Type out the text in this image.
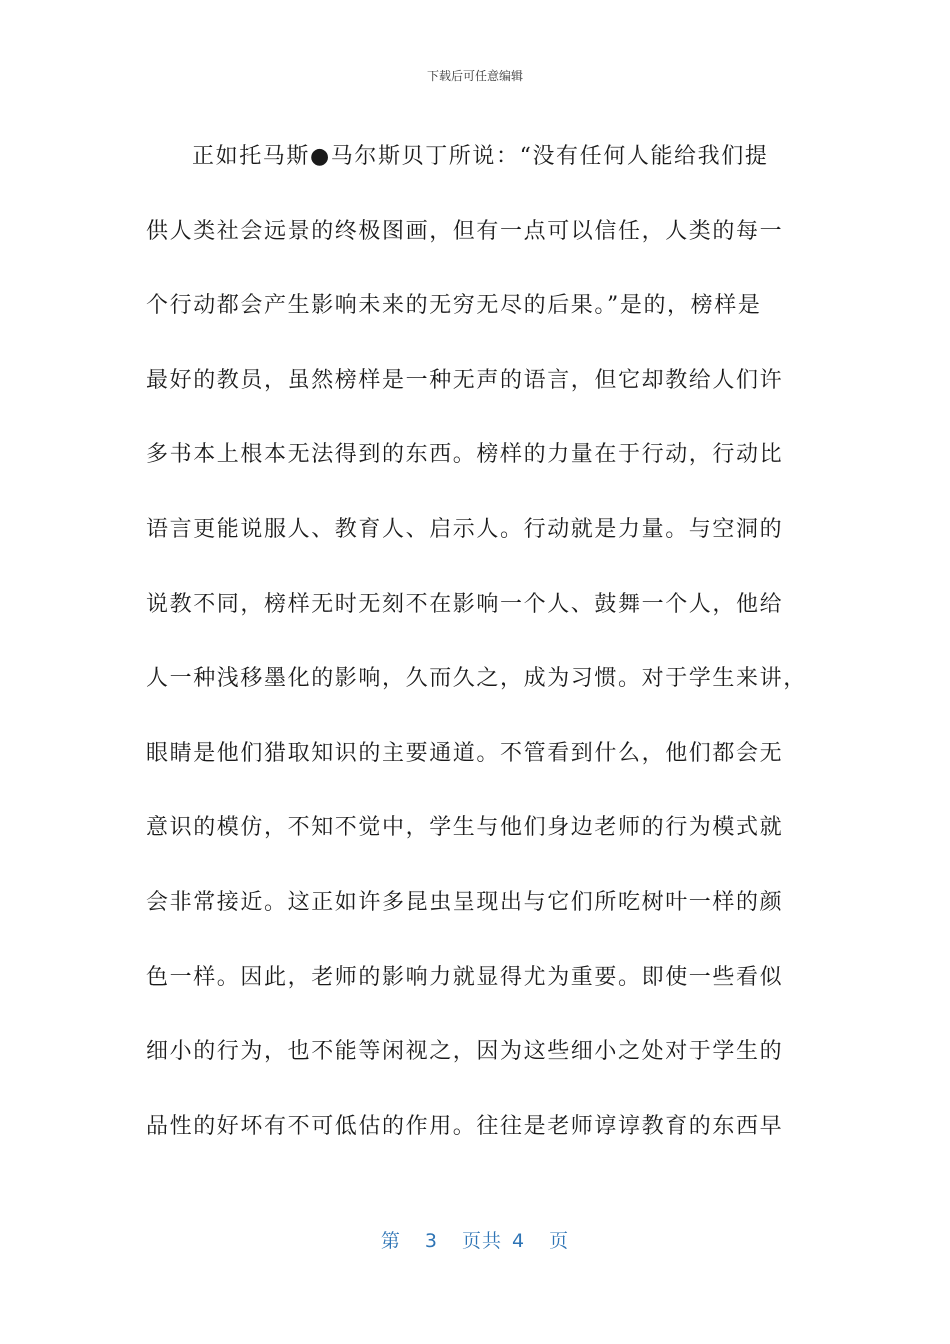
下载后可任意编辑

正如托马斯●马尔斯贝丁所说：“没有任何人能给我们提
供人类社会远景的终极图画，但有一点可以信任，人类的每一
个行动都会产生影响未来的无穷无尽的后果。”是的，榜样是
最好的教员，虽然榜样是一种无声的语言，但它却教给人们许
多书本上根本无法得到的东西。榜样的力量在于行动，行动比
语言更能说服人、教育人、启示人。行动就是力量。与空洞的
说教不同，榜样无时无刻不在影响一个人、鼓舞一个人，他给
人一种浅移墨化的影响，久而久之，成为习惯。对于学生来讲，
眼睛是他们猎取知识的主要通道。不管看到什么，他们都会无
意识的模仿，不知不觉中，学生与他们身边老师的行为模式就
会非常接近。这正如许多昆虫呈现出与它们所吃树叶一样的颜
色一样。因此，老师的影响力就显得尤为重要。即使一些看似
细小的行为，也不能等闲视之，因为这些细小之处对于学生的
品性的好坏有不可低估的作用。往往是老师谆谆教育的东西早

第 3 页共 4 页
